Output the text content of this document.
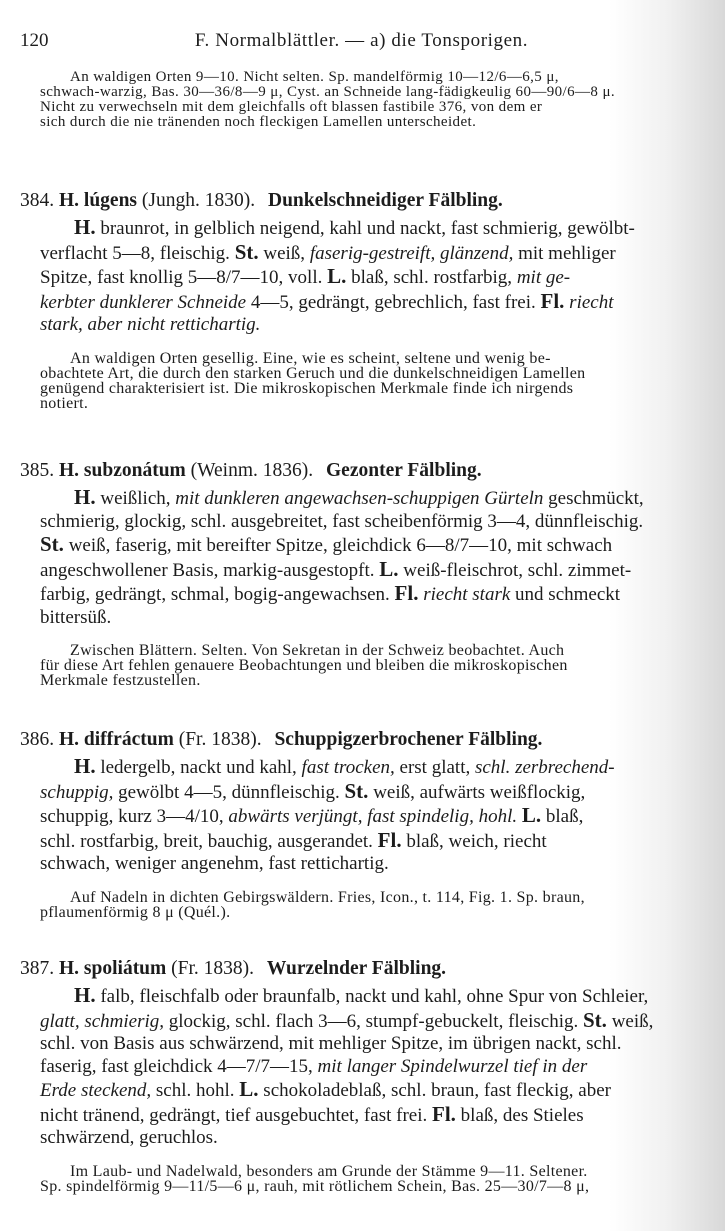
120	F. Normalblättler. — a) die Tonsporigen.
An waldigen Orten 9—10. Nicht selten. Sp. mandelförmig 10—12/6—6,5 μ,
schwach-warzig, Bas. 30—36/8—9 μ, Cyst. an Schneide lang-fädigkeulig 60—90/6—8 μ.
Nicht zu verwechseln mit dem gleichfalls oft blassen fastibile 376, von dem er
sich durch die nie tränenden noch fleckigen Lamellen unterscheidet.
384. H. lúgens (Jungh. 1830). Dunkelschneidiger Fälbling.
H. braunrot, in gelblich neigend, kahl und nackt, fast schmierig, gewölbt-
verflacht 5—8, fleischig. St. weiß, faserig-gestreift, glänzend, mit mehliger
Spitze, fast knollig 5—8/7—10, voll. L. blaß, schl. rostfarbig, mit ge-
kerbter dunklerer Schneide 4—5, gedrängt, gebrechlich, fast frei. Fl. riecht
stark, aber nicht rettichartig.
An waldigen Orten gesellig. Eine, wie es scheint, seltene und wenig be-
obachtete Art, die durch den starken Geruch und die dunkelschneidigen Lamellen
genügend charakterisiert ist. Die mikroskopischen Merkmale finde ich nirgends
notiert.
385. H. subzonátum (Weinm. 1836). Gezonter Fälbling.
H. weißlich, mit dunkleren angewachsen-schuppigen Gürteln geschmückt,
schmierig, glockig, schl. ausgebreitet, fast scheibenförmig 3—4, dünnfleischig.
St. weiß, faserig, mit bereifter Spitze, gleichdick 6—8/7—10, mit schwach
angeschwollener Basis, markig-ausgestopft. L. weiß-fleischrot, schl. zimmet-
farbig, gedrängt, schmal, bogig-angewachsen. Fl. riecht stark und schmeckt
bittersüß.
Zwischen Blättern. Selten. Von Sekretan in der Schweiz beobachtet. Auch
für diese Art fehlen genauere Beobachtungen und bleiben die mikroskopischen
Merkmale festzustellen.
386. H. diffráctum (Fr. 1838). Schuppigzerbrochener Fälbling.
H. ledergelb, nackt und kahl, fast trocken, erst glatt, schl. zerbrechend-
schuppig, gewölbt 4—5, dünnfleischig. St. weiß, aufwärts weißflockig,
schuppig, kurz 3—4/10, abwärts verjüngt, fast spindelig, hohl. L. blaß,
schl. rostfarbig, breit, bauchig, ausgerandet. Fl. blaß, weich, riecht
schwach, weniger angenehm, fast rettichartig.
Auf Nadeln in dichten Gebirgswäldern. Fries, Icon., t. 114, Fig. 1. Sp. braun,
pflaumenförmig 8 μ (Quél.).
387. H. spoliátum (Fr. 1838). Wurzelnder Fälbling.
H. falb, fleischfalb oder braunfalb, nackt und kahl, ohne Spur von Schleier,
glatt, schmierig, glockig, schl. flach 3—6, stumpf-gebuckelt, fleischig. St. weiß,
schl. von Basis aus schwärzend, mit mehliger Spitze, im übrigen nackt, schl.
faserig, fast gleichdick 4—7/7—15, mit langer Spindelwurzel tief in der
Erde steckend, schl. hohl. L. schokoladeblaß, schl. braun, fast fleckig, aber
nicht tränend, gedrängt, tief ausgebuchtet, fast frei. Fl. blaß, des Stieles
schwärzend, geruchlos.
Im Laub- und Nadelwald, besonders am Grunde der Stämme 9—11. Seltener.
Sp. spindelförmig 9—11/5—6 μ, rauh, mit rötlichem Schein, Bas. 25—30/7—8 μ,
